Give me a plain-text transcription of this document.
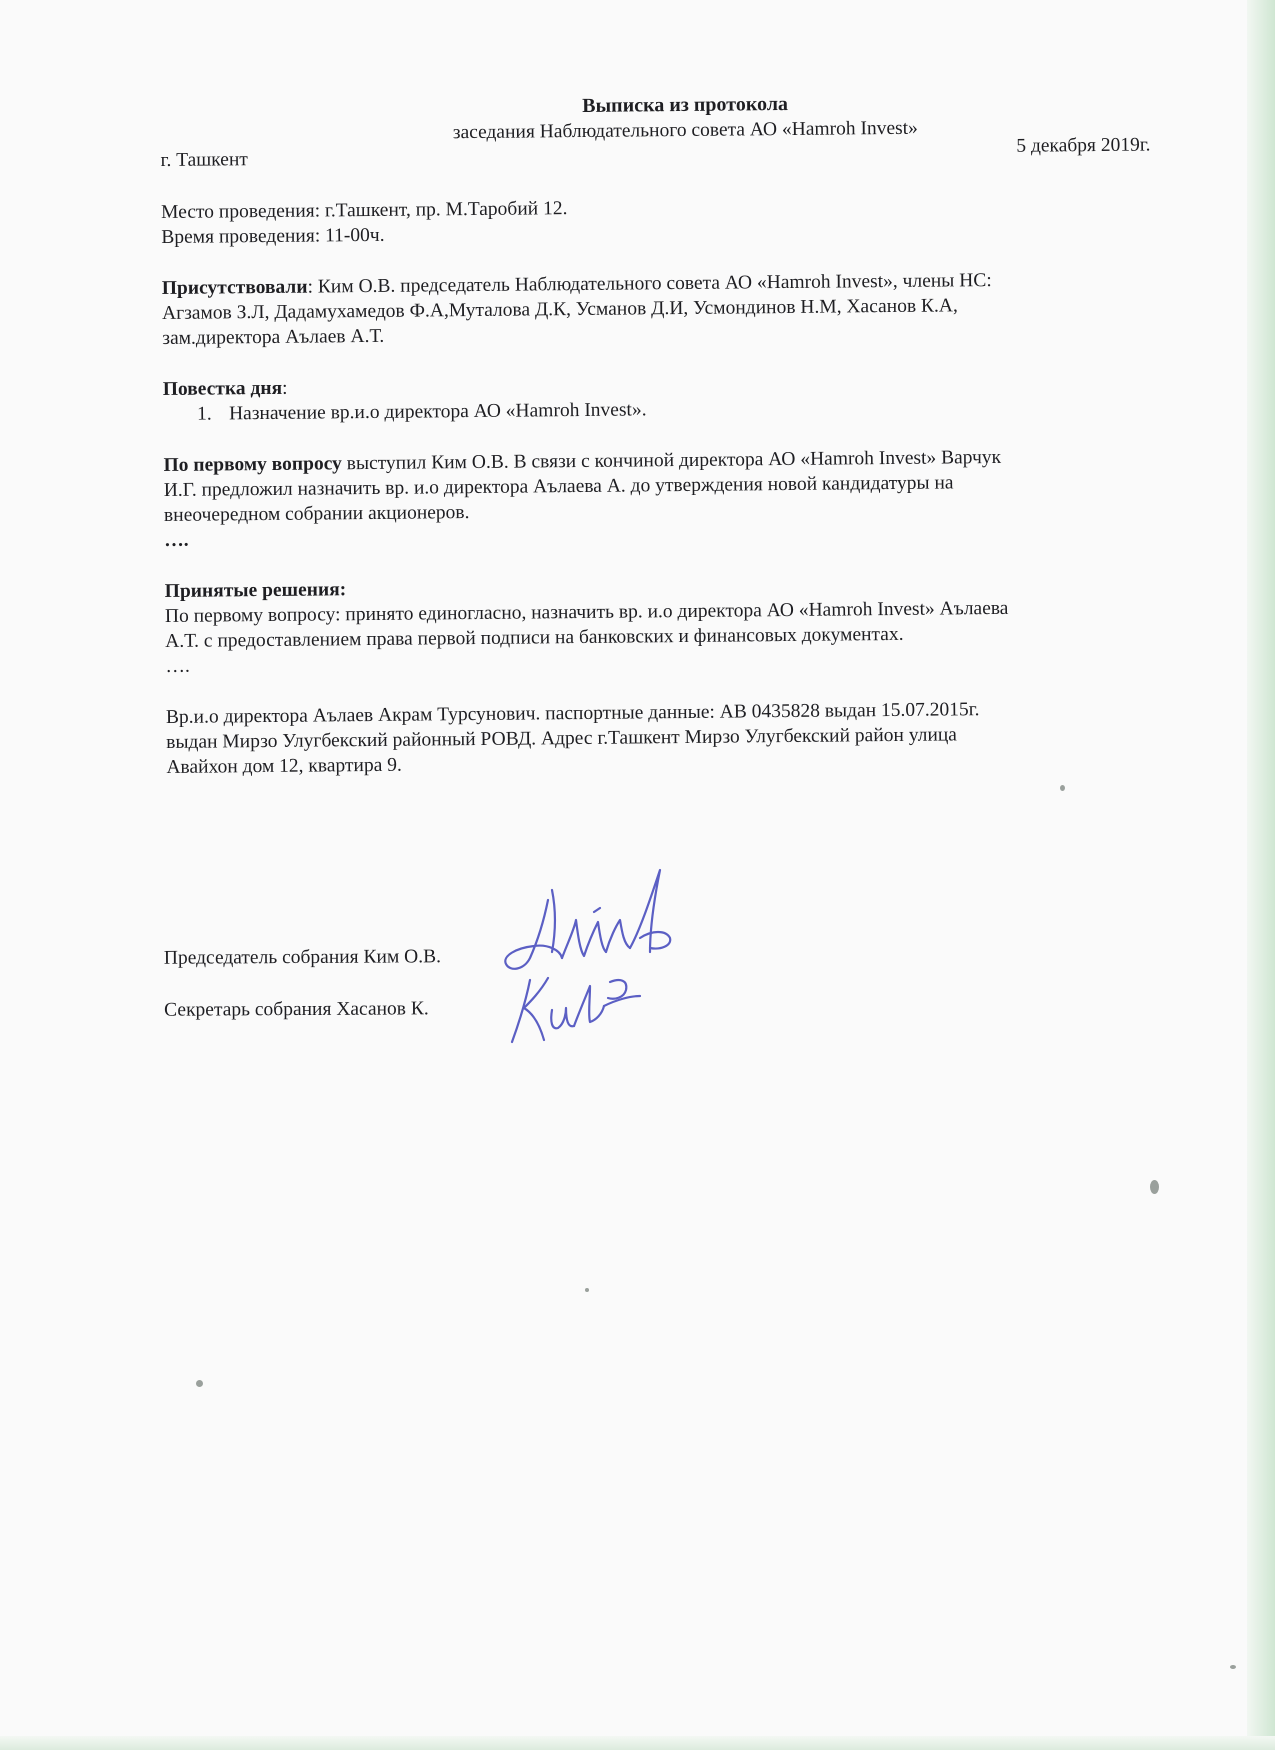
Выписка из протокола
заседания Наблюдательного совета АО «Hamroh Invest»
г. Ташкент
5 декабря 2019г.

Место проведения: г.Ташкент, пр. М.Таробий 12.

Время проведения: 11-00ч.

Присутствовали: Ким О.В. председатель Наблюдательного совета АО «Hamroh Invest», члены НС:

Агзамов З.Л, Дадамухамедов Ф.А,Муталова Д.К, Усманов Д.И, Усмондинов Н.М, Хасанов К.А,

зам.директора Аълаев А.Т.

Повестка дня:

1. Назначение вр.и.о директора АО «Hamroh Invest».

По первому вопросу выступил Ким О.В. В связи с кончиной директора АО «Hamroh Invest» Варчук

И.Г. предложил назначить вр. и.о директора Аълаева А. до утверждения новой кандидатуры на

внеочередном собрании акционеров.

….

Принятые решения:

По первому вопросу: принято единогласно, назначить вр. и.о директора АО «Hamroh Invest» Аълаева

А.Т. с предоставлением права первой подписи на банковских и финансовых документах.

….

Вр.и.о директора Аълаев Акрам Турсунович. паспортные данные: АВ 0435828 выдан 15.07.2015г.

выдан Мирзо Улугбекский районный РОВД. Адрес г.Ташкент Мирзо Улугбекский район улица

Авайхон дом 12, квартира 9.

Председатель собрания Ким О.В.

Секретарь собрания Хасанов К.
